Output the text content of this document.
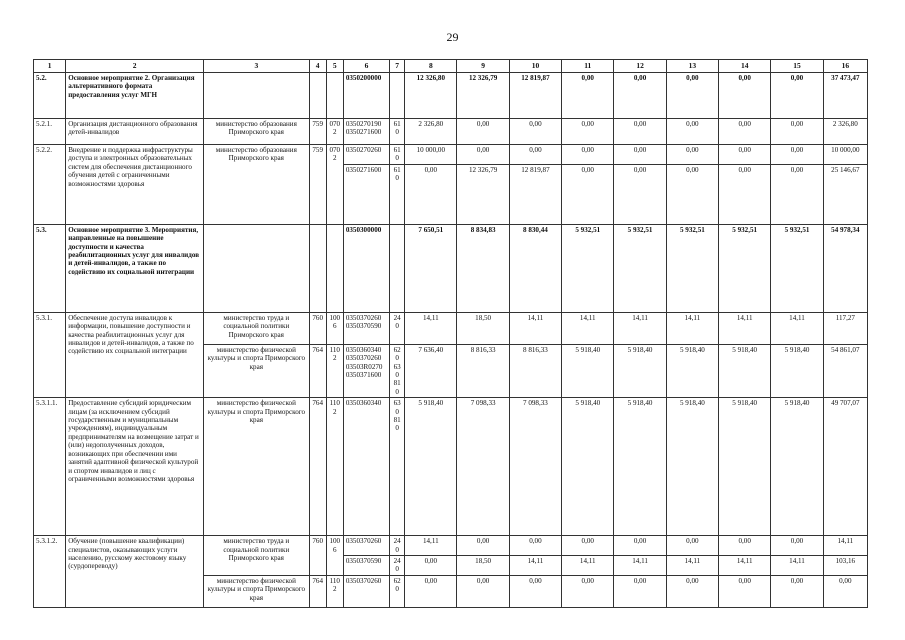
29
1	2	3	4	5	6	7	8	9	10	11	12	13	14	15	16
5.2.	Основное мероприятие 2. Организация альтернативного формата предоставления услуг МГН				0350200000		12 326,80	12 326,79	12 819,87	0,00	0,00	0,00	0,00	0,00	37 473,47
5.2.1.	Организация дистанционного образования детей-инвалидов	министерство образования Приморского края	759	0702	0350270190 0350271600	610	2 326,80	0,00	0,00	0,00	0,00	0,00	0,00	0,00	2 326,80
5.2.2.	Внедрение и поддержка инфраструктуры доступа и электронных образовательных систем для обеспечения дистанционного обучения детей с ограниченными возможностями здоровья	министерство образования Приморского края	759	0702	0350270260	610	10 000,00	0,00	0,00	0,00	0,00	0,00	0,00	0,00	10 000,00
					0350271600	610	0,00	12 326,79	12 819,87	0,00	0,00	0,00	0,00	0,00	25 146,67
5.3.	Основное мероприятие 3. Мероприятия, направленные на повышение доступности и качества реабилитационных услуг для инвалидов и детей-инвалидов, а также по содействию их социальной интеграции				0350300000		7 650,51	8 834,83	8 830,44	5 932,51	5 932,51	5 932,51	5 932,51	5 932,51	54 978,34
5.3.1.	Обеспечение доступа инвалидов к информации, повышение доступности и качества реабилитационных услуг для инвалидов и детей-инвалидов, а также по содействию их социальной интеграции	министерство труда и социальной политики Приморского края	760	1006	0350370260 0350370590	240	14,11	18,50	14,11	14,11	14,11	14,11	14,11	14,11	117,27
		министерство физической культуры и спорта Приморского края	764	1102	0350360340 0350370260 03503R0270 0350371600	620 630 810	7 636,40	8 816,33	8 816,33	5 918,40	5 918,40	5 918,40	5 918,40	5 918,40	54 861,07
5.3.1.1.	Предоставление субсидий юридическим лицам (за исключением субсидий государственным и муниципальным учреждениям), индивидуальным предпринимателям на возмещение затрат и (или) недополученных доходов, возникающих при обеспечении ими занятий адаптивной физической культурой и спортом инвалидов и лиц с ограниченными возможностями здоровья	министерство физической культуры и спорта Приморского края	764	1102	0350360340	630 810	5 918,40	7 098,33	7 098,33	5 918,40	5 918,40	5 918,40	5 918,40	5 918,40	49 707,07
5.3.1.2.	Обучение (повышение квалификации) специалистов, оказывающих услуги населению, русскому жестовому языку (сурдопереводу)	министерство труда и социальной политики Приморского края	760	1006	0350370260	240	14,11	0,00	0,00	0,00	0,00	0,00	0,00	0,00	14,11
					0350370590	240	0,00	18,50	14,11	14,11	14,11	14,11	14,11	14,11	103,16
		министерство физической культуры и спорта Приморского края	764	1102	0350370260	620	0,00	0,00	0,00	0,00	0,00	0,00	0,00	0,00	0,00
